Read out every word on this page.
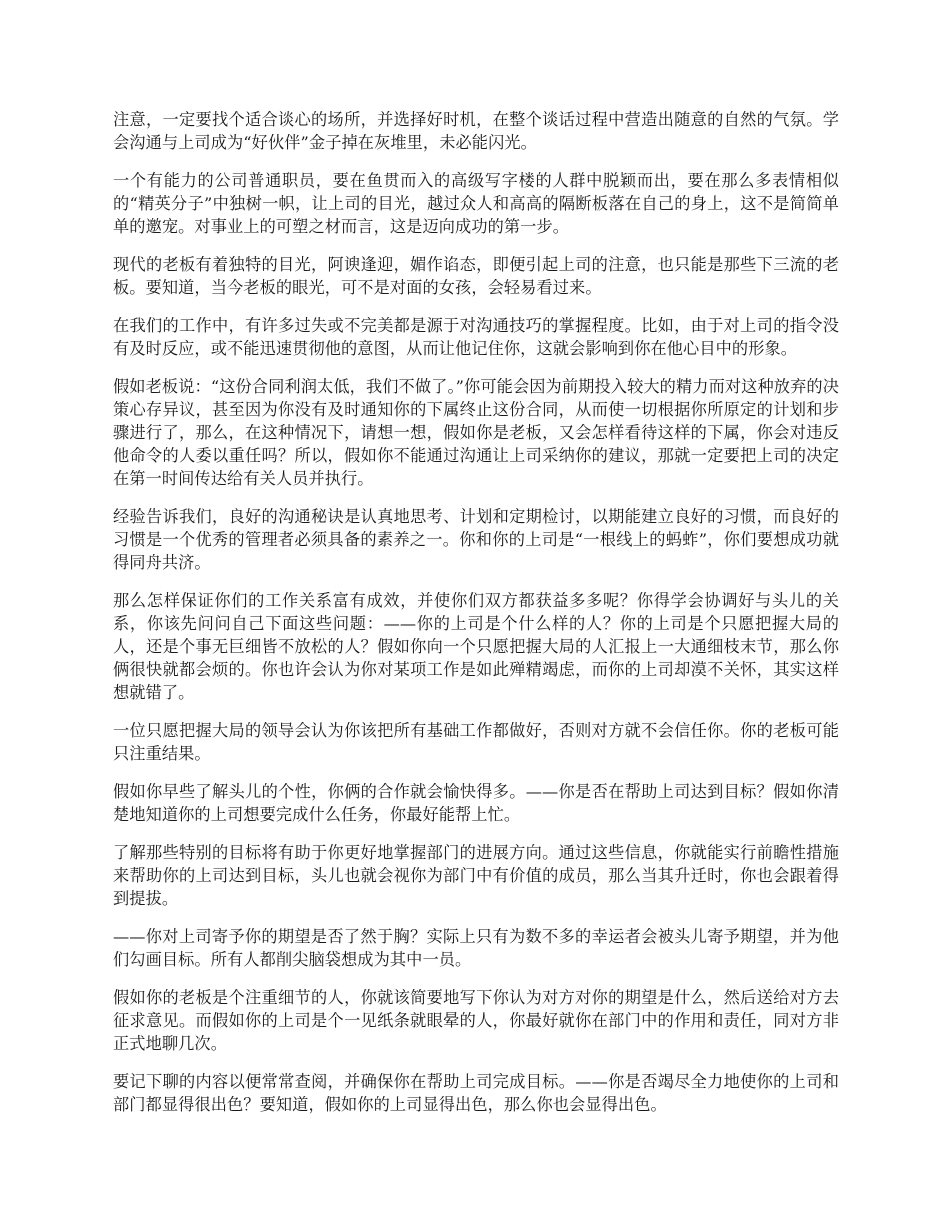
注意，一定要找个适合谈心的场所，并选择好时机，在整个谈话过程中营造出随意的自然的气氛。学会沟通与上司成为“好伙伴”金子掉在灰堆里，未必能闪光。

一个有能力的公司普通职员，要在鱼贯而入的高级写字楼的人群中脱颖而出，要在那么多表情相似的“精英分子”中独树一帜，让上司的目光，越过众人和高高的隔断板落在自己的身上，这不是简简单单的邀宠。对事业上的可塑之材而言，这是迈向成功的第一步。

现代的老板有着独特的目光，阿谀逢迎，媚作谄态，即便引起上司的注意，也只能是那些下三流的老板。要知道，当今老板的眼光，可不是对面的女孩，会轻易看过来。

在我们的工作中，有许多过失或不完美都是源于对沟通技巧的掌握程度。比如，由于对上司的指令没有及时反应，或不能迅速贯彻他的意图，从而让他记住你，这就会影响到你在他心目中的形象。

假如老板说：“这份合同利润太低，我们不做了。”你可能会因为前期投入较大的精力而对这种放弃的决策心存异议，甚至因为你没有及时通知你的下属终止这份合同，从而使一切根据你所原定的计划和步骤进行了，那么，在这种情况下，请想一想，假如你是老板，又会怎样看待这样的下属，你会对违反他命令的人委以重任吗？所以，假如你不能通过沟通让上司采纳你的建议，那就一定要把上司的决定在第一时间传达给有关人员并执行。

经验告诉我们，良好的沟通秘诀是认真地思考、计划和定期检讨，以期能建立良好的习惯，而良好的习惯是一个优秀的管理者必须具备的素养之一。你和你的上司是“一根线上的蚂蚱”，你们要想成功就得同舟共济。

那么怎样保证你们的工作关系富有成效，并使你们双方都获益多多呢？你得学会协调好与头儿的关系，你该先问问自己下面这些问题：——你的上司是个什么样的人？你的上司是个只愿把握大局的人，还是个事无巨细皆不放松的人？假如你向一个只愿把握大局的人汇报上一大通细枝末节，那么你俩很快就都会烦的。你也许会认为你对某项工作是如此殚精竭虑，而你的上司却漠不关怀，其实这样想就错了。

一位只愿把握大局的领导会认为你该把所有基础工作都做好，否则对方就不会信任你。你的老板可能只注重结果。

假如你早些了解头儿的个性，你俩的合作就会愉快得多。——你是否在帮助上司达到目标？假如你清楚地知道你的上司想要完成什么任务，你最好能帮上忙。

了解那些特别的目标将有助于你更好地掌握部门的进展方向。通过这些信息，你就能实行前瞻性措施来帮助你的上司达到目标，头儿也就会视你为部门中有价值的成员，那么当其升迁时，你也会跟着得到提拔。

——你对上司寄予你的期望是否了然于胸？实际上只有为数不多的幸运者会被头儿寄予期望，并为他们勾画目标。所有人都削尖脑袋想成为其中一员。

假如你的老板是个注重细节的人，你就该简要地写下你认为对方对你的期望是什么，然后送给对方去征求意见。而假如你的上司是个一见纸条就眼晕的人，你最好就你在部门中的作用和责任，同对方非正式地聊几次。

要记下聊的内容以便常常查阅，并确保你在帮助上司完成目标。——你是否竭尽全力地使你的上司和部门都显得很出色？要知道，假如你的上司显得出色，那么你也会显得出色。
